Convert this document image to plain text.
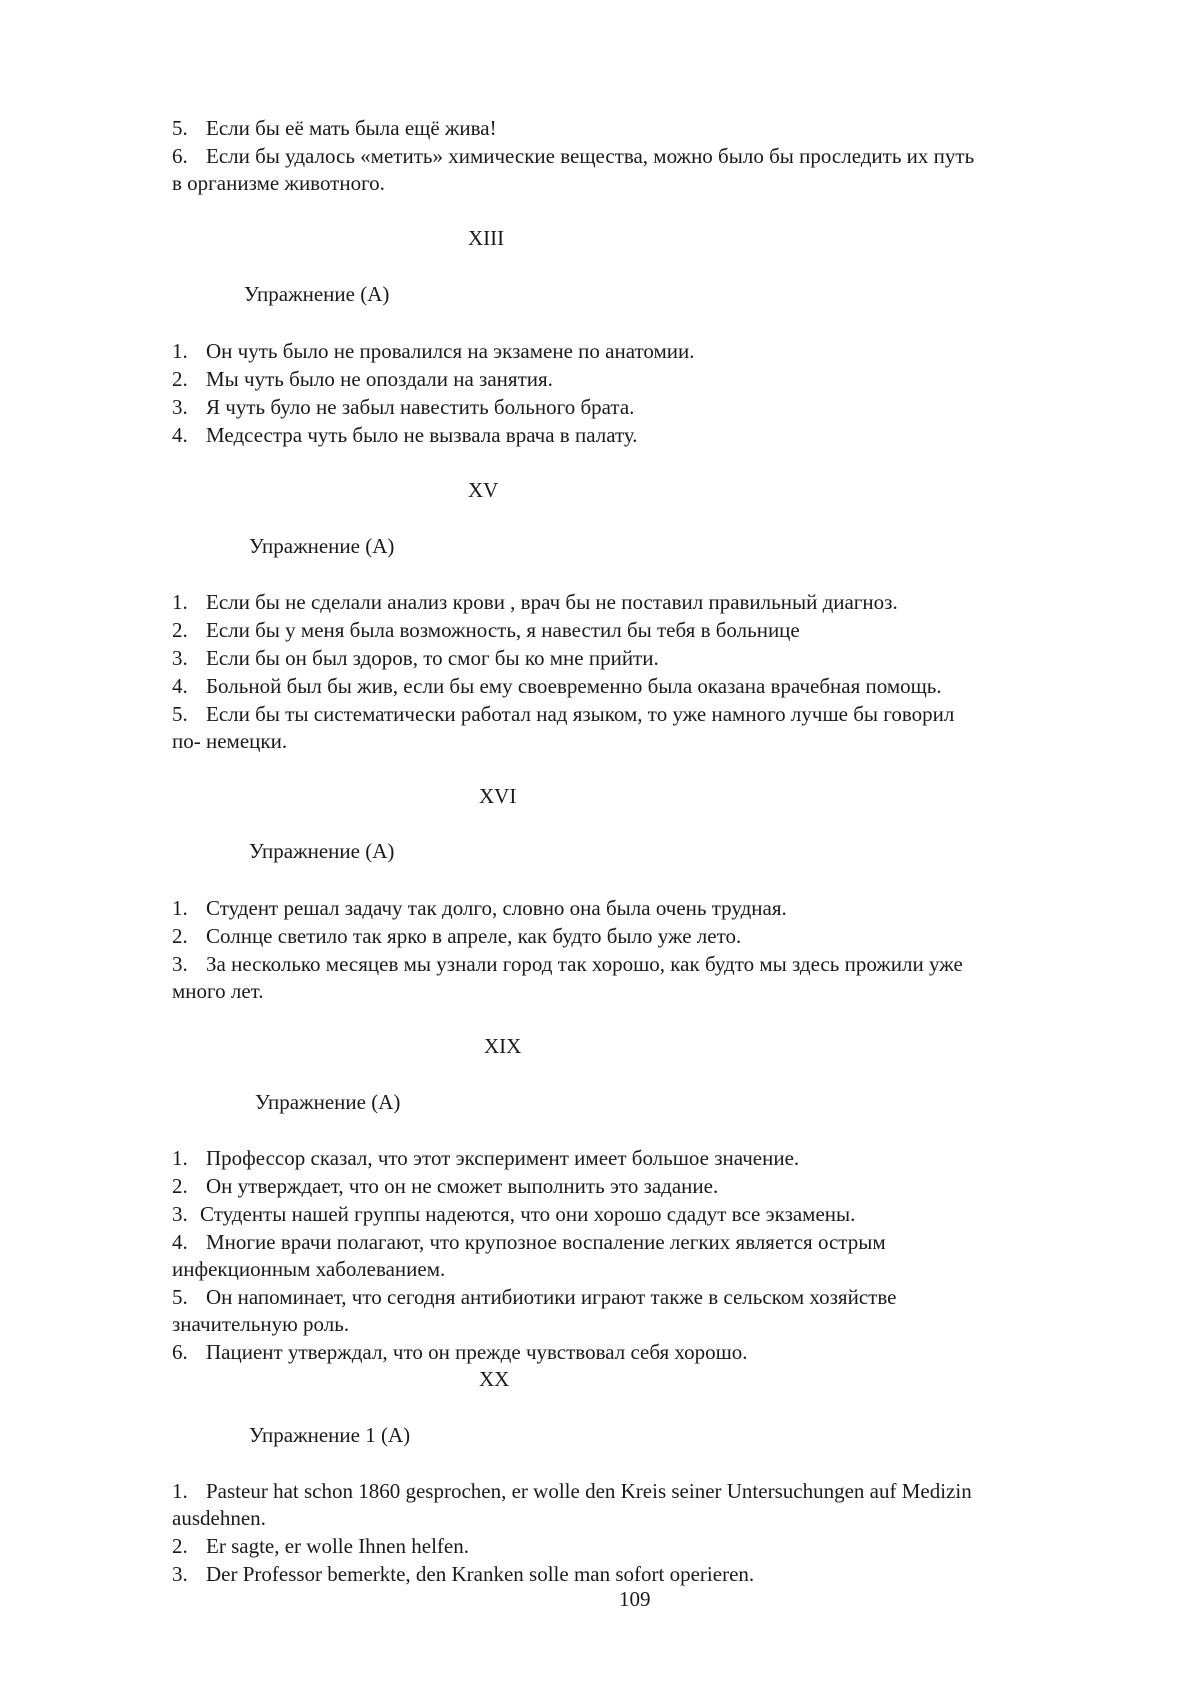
5. Если бы её мать была ещё жива!
6. Если бы удалось «метить» химические вещества, можно было бы проследить их путь
в организме животного.
XIII
Упражнение (А)
1. Он чуть было не провалился на экзамене по анатомии.
2. Мы чуть было не опоздали на занятия.
3. Я чуть було не забыл навестить больного брата.
4. Медсестра чуть было не вызвала врача в палату.
XV
Упражнение (А)
1. Если бы не сделали анализ крови , врач бы не поставил правильный диагноз.
2. Если бы у меня была возможность, я навестил бы тебя в больнице
3. Если бы он был здоров, то смог бы ко мне прийти.
4. Больной был бы жив, если бы ему своевременно была оказана врачебная помощь.
5. Если бы ты систематически работал над языком, то уже намного лучше бы говорил
по- немецки.
XVI
Упражнение (А)
1. Студент решал задачу так долго, словно она была очень трудная.
2. Солнце светило так ярко в апреле, как будто было уже лето.
3. За несколько месяцев мы узнали город так хорошо, как будто мы здесь прожили уже
много лет.
XIX
Упражнение (А)
1. Профессор сказал, что этот эксперимент имеет большое значение.
2. Он утверждает, что он не сможет выполнить это задание.
3. Студенты нашей группы надеются, что они хорошо сдадут все экзамены.
4. Многие врачи полагают, что крупозное воспаление легких является острым
инфекционным хаболеванием.
5. Он напоминает, что сегодня антибиотики играют также в сельском хозяйстве
значительную роль.
6. Пациент утверждал, что он прежде чувствовал себя хорошо.
XX
Упражнение 1 (А)
1. Pasteur hat schon 1860 gesprochen, er wolle den Kreis seiner Untersuchungen auf Medizin
ausdehnen.
2. Er sagte, er wolle Ihnen helfen.
3. Der Professor bemerkte, den Kranken solle man sofort operieren.
109
